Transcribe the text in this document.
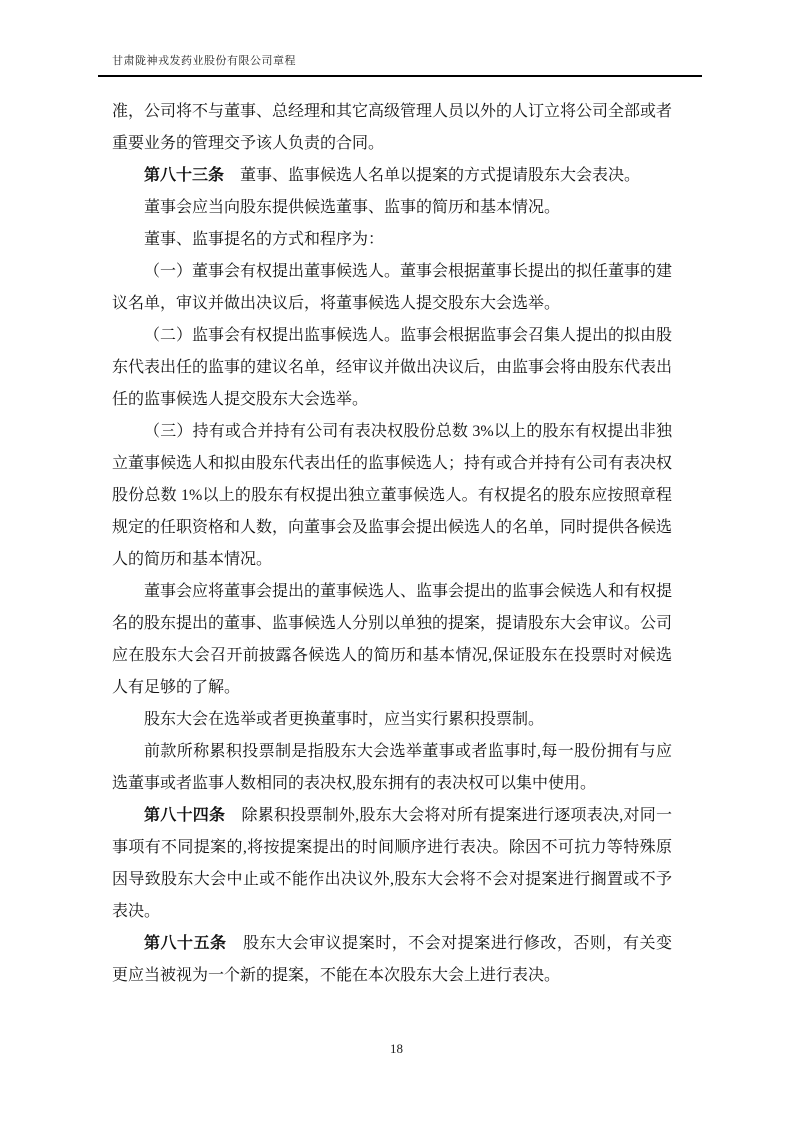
甘肃陇神戎发药业股份有限公司章程

准，公司将不与董事、总经理和其它高级管理人员以外的人订立将公司全部或者重要业务的管理交予该人负责的合同。

第八十三条　董事、监事候选人名单以提案的方式提请股东大会表决。

董事会应当向股东提供候选董事、监事的简历和基本情况。

董事、监事提名的方式和程序为：

（一）董事会有权提出董事候选人。董事会根据董事长提出的拟任董事的建议名单，审议并做出决议后，将董事候选人提交股东大会选举。

（二）监事会有权提出监事候选人。监事会根据监事会召集人提出的拟由股东代表出任的监事的建议名单，经审议并做出决议后，由监事会将由股东代表出任的监事候选人提交股东大会选举。

（三）持有或合并持有公司有表决权股份总数 3%以上的股东有权提出非独立董事候选人和拟由股东代表出任的监事候选人；持有或合并持有公司有表决权股份总数 1%以上的股东有权提出独立董事候选人。有权提名的股东应按照章程规定的任职资格和人数，向董事会及监事会提出候选人的名单，同时提供各候选人的简历和基本情况。

董事会应将董事会提出的董事候选人、监事会提出的监事会候选人和有权提名的股东提出的董事、监事候选人分别以单独的提案，提请股东大会审议。公司应在股东大会召开前披露各候选人的简历和基本情况,保证股东在投票时对候选人有足够的了解。

股东大会在选举或者更换董事时，应当实行累积投票制。

前款所称累积投票制是指股东大会选举董事或者监事时,每一股份拥有与应选董事或者监事人数相同的表决权,股东拥有的表决权可以集中使用。

第八十四条　除累积投票制外,股东大会将对所有提案进行逐项表决,对同一事项有不同提案的,将按提案提出的时间顺序进行表决。除因不可抗力等特殊原因导致股东大会中止或不能作出决议外,股东大会将不会对提案进行搁置或不予表决。

第八十五条　股东大会审议提案时，不会对提案进行修改，否则，有关变更应当被视为一个新的提案，不能在本次股东大会上进行表决。

18
